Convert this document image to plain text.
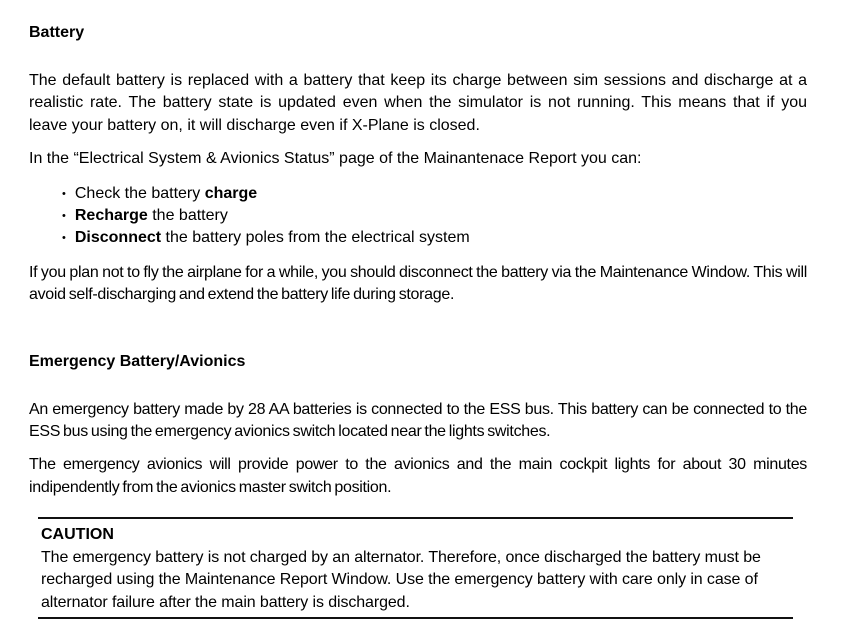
Battery

The default battery is replaced with a battery that keep its charge between sim sessions and discharge at a realistic rate. The battery state is updated even when the simulator is not running. This means that if you leave your battery on, it will discharge even if X-Plane is closed.

In the “Electrical System & Avionics Status” page of the Mainantenace Report you can:

• Check the battery charge
• Recharge the battery
• Disconnect the battery poles from the electrical system

If you plan not to fly the airplane for a while, you should disconnect the battery via the Maintenance Window. This will avoid self-discharging and extend the battery life during storage.

Emergency Battery/Avionics

An emergency battery made by 28 AA batteries is connected to the ESS bus. This battery can be connected to the ESS bus using the emergency avionics switch located near the lights switches.

The emergency avionics will provide power to the avionics and the main cockpit lights for about 30 minutes indipendently from the avionics master switch position.

CAUTION
The emergency battery is not charged by an alternator. Therefore, once discharged the battery must be recharged using the Maintenance Report Window. Use the emergency battery with care only in case of alternator failure after the main battery is discharged.
